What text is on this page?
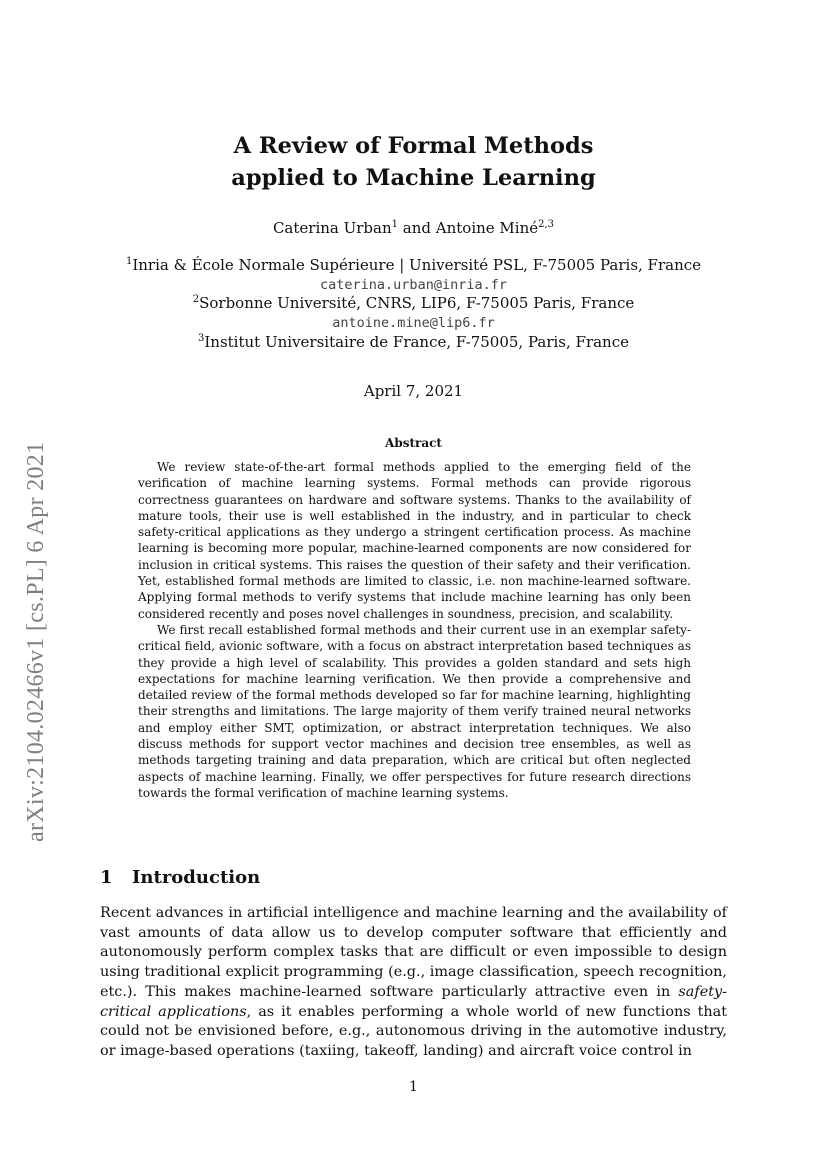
arXiv:2104.02466v1 [cs.PL] 6 Apr 2021
A Review of Formal Methods
applied to Machine Learning
Caterina Urban$^1$ and Antoine Miné$^{2,3}$
$^1$Inria & École Normale Supérieure | Université PSL, F-75005 Paris, France
caterina.urban@inria.fr
$^2$Sorbonne Université, CNRS, LIP6, F-75005 Paris, France
antoine.mine@lip6.fr
$^3$Institut Universitaire de France, F-75005, Paris, France
April 7, 2021
Abstract

We review state-of-the-art formal methods applied to the emerging field of the verification of machine learning systems. Formal methods can provide rigorous correctness guarantees on hardware and software systems. Thanks to the availability of mature tools, their use is well established in the industry, and in particular to check safety-critical applications as they undergo a stringent certification process. As machine learning is becoming more popular, machine-learned components are now considered for inclusion in critical systems. This raises the question of their safety and their verification. Yet, established formal methods are limited to classic, i.e. non machine-learned software. Applying formal methods to verify systems that include machine learning has only been considered recently and poses novel challenges in soundness, precision, and scalability.

We first recall established formal methods and their current use in an exemplar safety-critical field, avionic software, with a focus on abstract interpretation based techniques as they provide a high level of scalability. This provides a golden standard and sets high expectations for machine learning verification. We then provide a comprehensive and detailed review of the formal methods developed so far for machine learning, highlighting their strengths and limitations. The large majority of them verify trained neural networks and employ either SMT, optimization, or abstract interpretation techniques. We also discuss methods for support vector machines and decision tree ensembles, as well as methods targeting training and data preparation, which are critical but often neglected aspects of machine learning. Finally, we offer perspectives for future research directions towards the formal verification of machine learning systems.

1 Introduction

Recent advances in artificial intelligence and machine learning and the availability of vast amounts of data allow us to develop computer software that efficiently and autonomously perform complex tasks that are difficult or even impossible to design using traditional explicit programming (e.g., image classification, speech recognition, etc.). This makes machine-learned software particularly attractive even in safety-critical applications, as it enables performing a whole world of new functions that could not be envisioned before, e.g., autonomous driving in the automotive industry, or image-based operations (taxiing, takeoff, landing) and aircraft voice control in

1
